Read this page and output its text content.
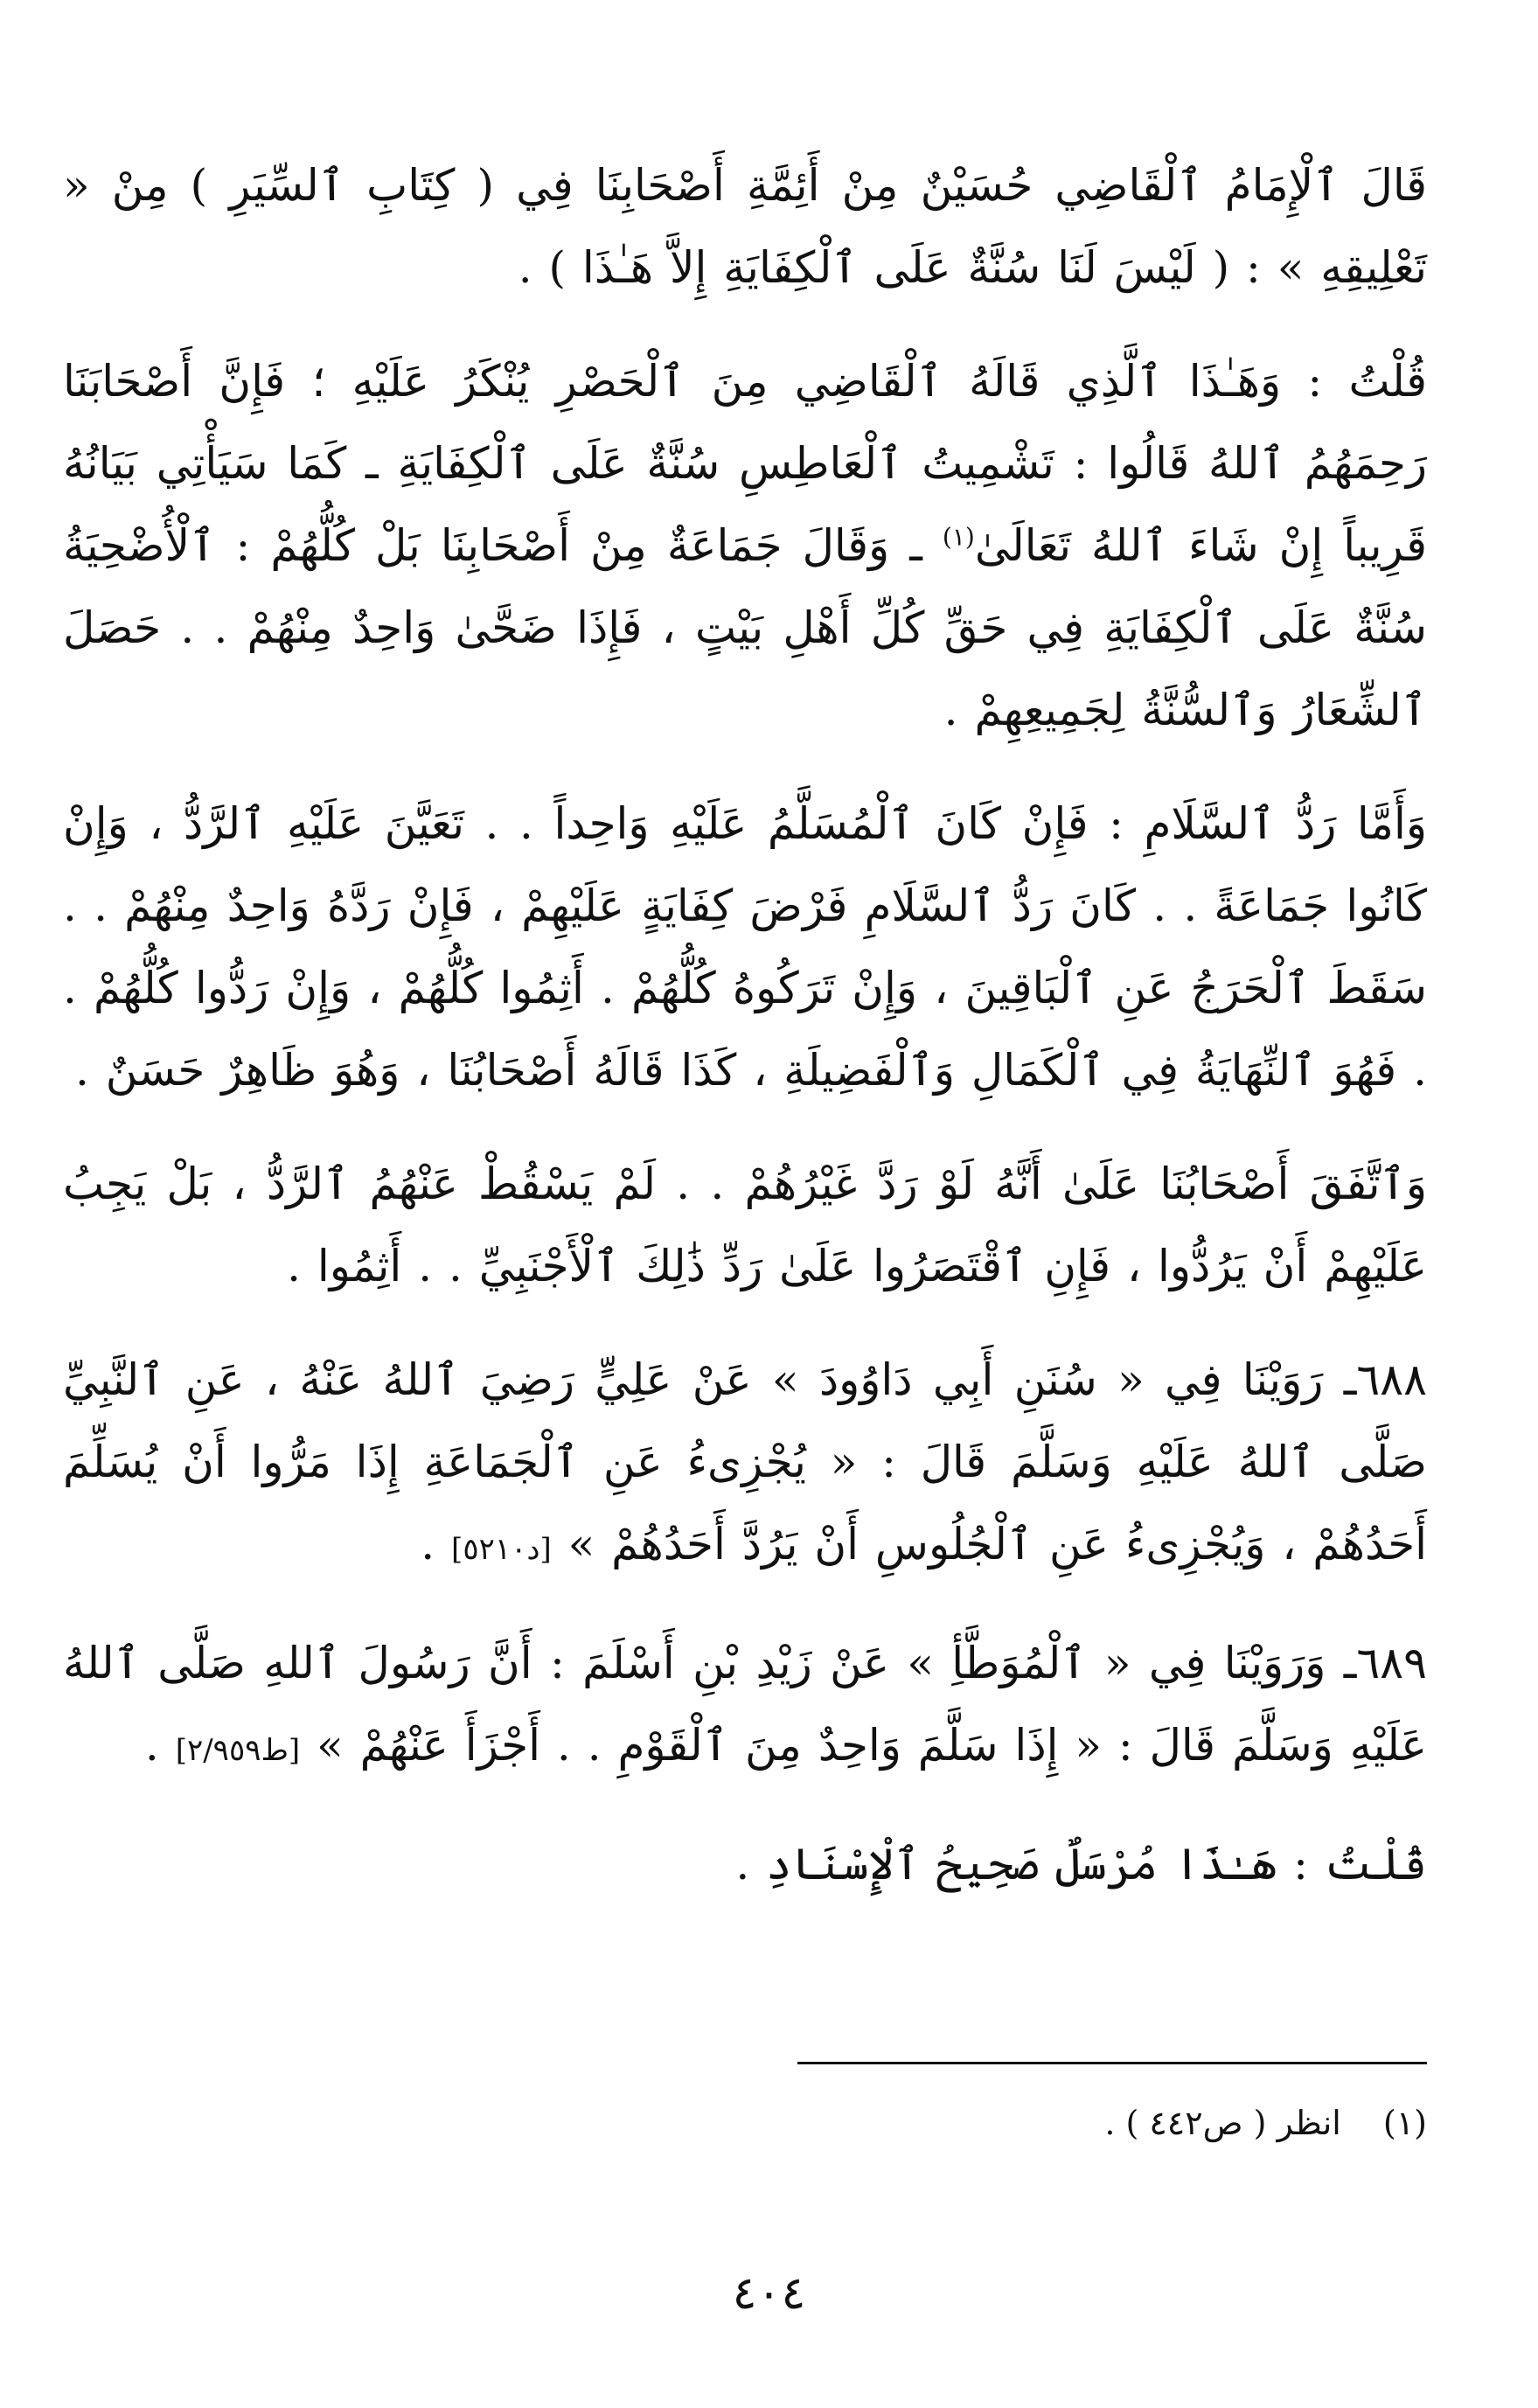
قَالَ ٱلْإِمَامُ ٱلْقَاضِي حُسَيْنٌ مِنْ أَئِمَّةِ أَصْحَابِنَا فِي ( كِتَابِ ٱلسِّيَرِ ) مِنْ « تَعْلِيقِهِ » : ( لَيْسَ لَنَا سُنَّةٌ عَلَى ٱلْكِفَايَةِ إِلاَّ هَـٰذَا ) .

قُلْتُ : وَهَـٰذَا ٱلَّذِي قَالَهُ ٱلْقَاضِي مِنَ ٱلْحَصْرِ يُنْكَرُ عَلَيْهِ ؛ فَإِنَّ أَصْحَابَنَا رَحِمَهُمُ ٱللهُ قَالُوا : تَشْمِيتُ ٱلْعَاطِسِ سُنَّةٌ عَلَى ٱلْكِفَايَةِ ـ كَمَا سَيَأْتِي بَيَانُهُ قَرِيباً إِنْ شَاءَ ٱللهُ تَعَالَىٰ$^{(١)}$ ـ وَقَالَ جَمَاعَةٌ مِنْ أَصْحَابِنَا بَلْ كُلُّهُمْ : ٱلْأُضْحِيَةُ سُنَّةٌ عَلَى ٱلْكِفَايَةِ فِي حَقِّ كُلِّ أَهْلِ بَيْتٍ ، فَإِذَا ضَحَّىٰ وَاحِدٌ مِنْهُمْ . . حَصَلَ ٱلشِّعَارُ وَٱلسُّنَّةُ لِجَمِيعِهِمْ .

وَأَمَّا رَدُّ ٱلسَّلَامِ : فَإِنْ كَانَ ٱلْمُسَلَّمُ عَلَيْهِ وَاحِداً . . تَعَيَّنَ عَلَيْهِ ٱلرَّدُّ ، وَإِنْ كَانُوا جَمَاعَةً . . كَانَ رَدُّ ٱلسَّلَامِ فَرْضَ كِفَايَةٍ عَلَيْهِمْ ، فَإِنْ رَدَّهُ وَاحِدٌ مِنْهُمْ . . سَقَطَ ٱلْحَرَجُ عَنِ ٱلْبَاقِينَ ، وَإِنْ تَرَكُوهُ كُلُّهُمْ . أَثِمُوا كُلُّهُمْ ، وَإِنْ رَدُّوا كُلُّهُمْ . . فَهُوَ ٱلنِّهَايَةُ فِي ٱلْكَمَالِ وَٱلْفَضِيلَةِ ، كَذَا قَالَهُ أَصْحَابُنَا ، وَهُوَ ظَاهِرٌ حَسَنٌ .

وَٱتَّفَقَ أَصْحَابُنَا عَلَىٰ أَنَّهُ لَوْ رَدَّ غَيْرُهُمْ . . لَمْ يَسْقُطْ عَنْهُمُ ٱلرَّدُّ ، بَلْ يَجِبُ عَلَيْهِمْ أَنْ يَرُدُّوا ، فَإِنِ ٱقْتَصَرُوا عَلَىٰ رَدِّ ذَٰلِكَ ٱلْأَجْنَبِيِّ . . أَثِمُوا .

٦٨٨ـ رَوَيْنَا فِي « سُنَنِ أَبِي دَاوُودَ » عَنْ عَلِيٍّ رَضِيَ ٱللهُ عَنْهُ ، عَنِ ٱلنَّبِيِّ صَلَّى ٱللهُ عَلَيْهِ وَسَلَّمَ قَالَ : « يُجْزِىءُ عَنِ ٱلْجَمَاعَةِ إِذَا مَرُّوا أَنْ يُسَلِّمَ أَحَدُهُمْ ، وَيُجْزِىءُ عَنِ ٱلْجُلُوسِ أَنْ يَرُدَّ أَحَدُهُمْ » [د٥٢١٠] .

٦٨٩ـ وَرَوَيْنَا فِي « ٱلْمُوَطَّأِ » عَنْ زَيْدِ بْنِ أَسْلَمَ : أَنَّ رَسُولَ ٱللهِ صَلَّى ٱللهُ عَلَيْهِ وَسَلَّمَ قَالَ : « إِذَا سَلَّمَ وَاحِدٌ مِنَ ٱلْقَوْمِ . . أَجْزَأَ عَنْهُمْ » [ط٢/٩٥٩] .

قُلْتُ : هَـٰذَا مُرْسَلٌ صَحِيحُ ٱلْإِسْنَادِ .

(١) انظر ( ص٤٤٢ ) .
٤٠٤
